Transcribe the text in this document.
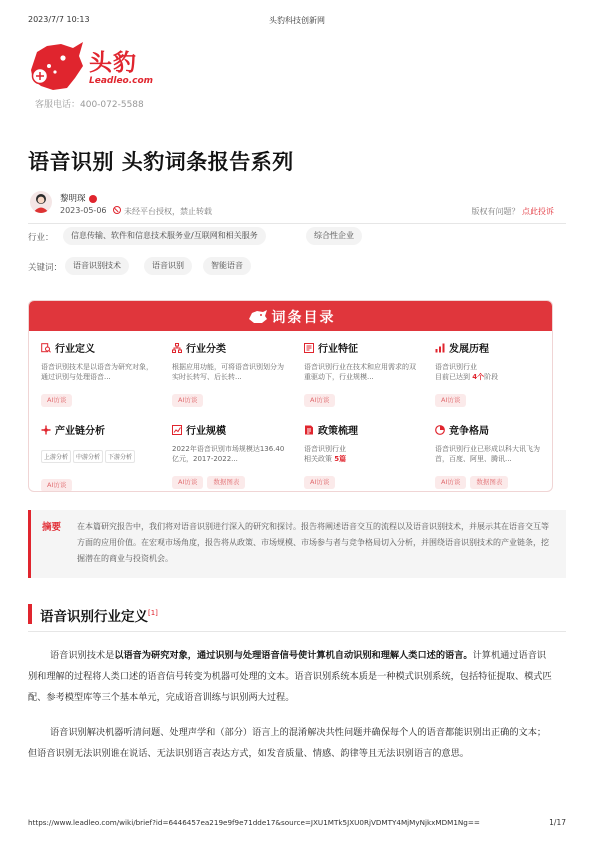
2023/7/7 10:13	头豹科技创新网
头豹
Leadleo.com
客服电话：400-072-5588
语音识别 头豹词条报告系列
黎明琛
2023-05-06 未经平台授权，禁止转载	版权有问题？ 点此投诉
行业：	信息传输、软件和信息技术服务业/互联网和相关服务	综合性企业
关键词：	语音识别技术	语音识别	智能语音
词条目录
行业定义
语音识别技术是以语音为研究对象，通过识别与处理语音...
AI访谈
行业分类
根据应用功能，可将语音识别划分为实时长转写、后长转...
AI访谈
行业特征
语音识别行业在技术和应用需求的双重驱动下，行业规模...
AI访谈
发展历程
语音识别行业
目前已达到 4个阶段
AI访谈
产业链分析
上游分析 中游分析 下游分析
AI访谈
行业规模
2022年语音识别市场规模达136.40亿元，2017-2022...
AI访谈 数据图表
政策梳理
语音识别行业
相关政策 5篇
AI访谈
竞争格局
语音识别行业已形成以科大讯飞为首，百度、阿里、腾讯...
AI访谈 数据图表
摘要 在本篇研究报告中，我们将对语音识别进行深入的研究和探讨。报告将阐述语音交互的流程以及语音识别技术，并展示其在语音交互等方面的应用价值。在宏观市场角度，报告将从政策、市场规模、市场参与者与竞争格局切入分析，并围绕语音识别技术的产业链条，挖掘潜在的商业与投资机会。
语音识别行业定义[1]
语音识别技术是以语音为研究对象，通过识别与处理语音信号使计算机自动识别和理解人类口述的语言。计算机通过语音识别和理解的过程将人类口述的语音信号转变为机器可处理的文本。语音识别系统本质是一种模式识别系统，包括特征提取、模式匹配、参考模型库等三个基本单元，完成语音训练与识别两大过程。
语音识别解决机器听清问题、处理声学和（部分）语言上的混淆解决共性问题并确保每个人的语音都能识别出正确的文本；但语音识别无法识别谁在说话、无法识别语言表达方式，如发音质量、情感、韵律等且无法识别语言的意思。
https://www.leadleo.com/wiki/brief?id=6446457ea219e9f9e71dde17&source=JXU1MTk5JXU0RjVDMTY4MjMyNjkxMDM1Ng==	1/17
